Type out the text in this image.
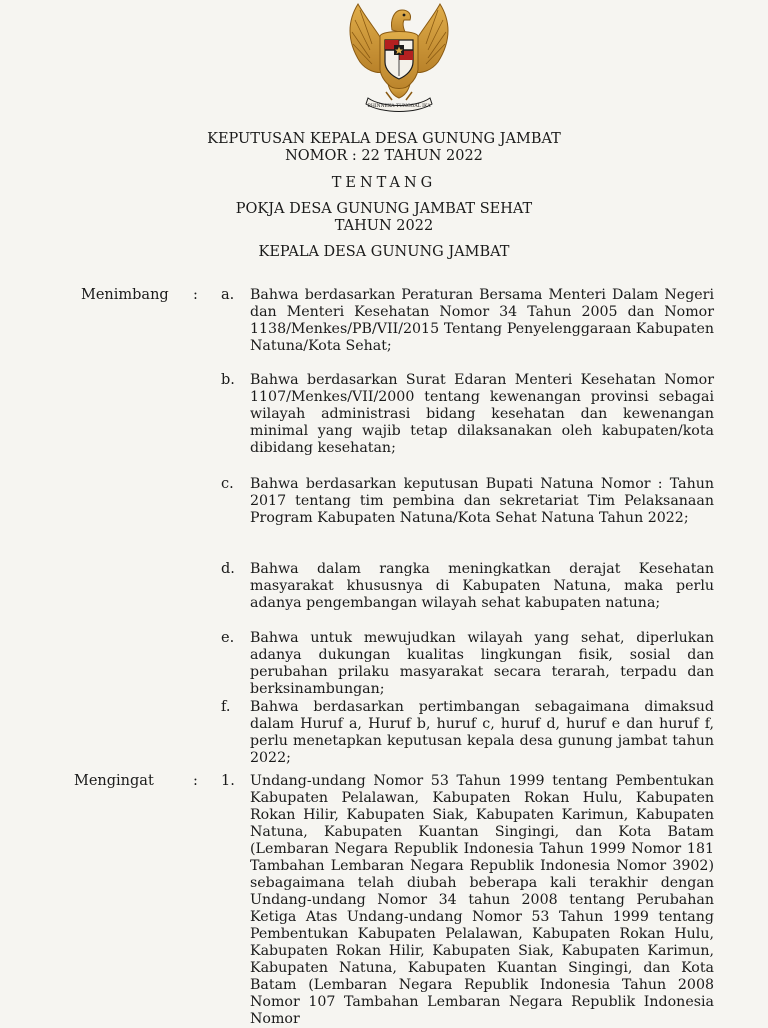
BHINNEKA TUNGGAL IKA
KEPUTUSAN KEPALA DESA GUNUNG JAMBAT
NOMOR : 22 TAHUN 2022
TENTANG
POKJA DESA GUNUNG JAMBAT SEHAT
TAHUN 2022
KEPALA DESA GUNUNG JAMBAT
Menimbang : a. Bahwa berdasarkan Peraturan Bersama Menteri Dalam Negeri dan Menteri Kesehatan Nomor 34 Tahun 2005 dan Nomor 1138/Menkes/PB/VII/2015 Tentang Penyelenggaraan Kabupaten Natuna/Kota Sehat;

b. Bahwa berdasarkan Surat Edaran Menteri Kesehatan Nomor 1107/Menkes/VII/2000 tentang kewenangan provinsi sebagai wilayah administrasi bidang kesehatan dan kewenangan minimal yang wajib tetap dilaksanakan oleh kabupaten/kota dibidang kesehatan;

c. Bahwa berdasarkan keputusan Bupati Natuna Nomor : Tahun 2017 tentang tim pembina dan sekretariat Tim Pelaksanaan Program Kabupaten Natuna/Kota Sehat Natuna Tahun 2022;

d. Bahwa dalam rangka meningkatkan derajat Kesehatan masyarakat khususnya di Kabupaten Natuna, maka perlu adanya pengembangan wilayah sehat kabupaten natuna;

e. Bahwa untuk mewujudkan wilayah yang sehat, diperlukan adanya dukungan kualitas lingkungan fisik, sosial dan perubahan prilaku masyarakat secara terarah, terpadu dan berksinambungan;

f. Bahwa berdasarkan pertimbangan sebagaimana dimaksud dalam Huruf a, Huruf b, huruf c, huruf d, huruf e dan huruf f, perlu menetapkan keputusan kepala desa gunung jambat tahun 2022;

Mengingat	: 1. Undang-undang Nomor 53 Tahun 1999 tentang Pembentukan Kabupaten Pelalawan, Kabupaten Rokan Hulu, Kabupaten Rokan Hilir, Kabupaten Siak, Kabupaten Karimun, Kabupaten Natuna, Kabupaten Kuantan Singingi, dan Kota Batam (Lembaran Negara Republik Indonesia Tahun 1999 Nomor 181 Tambahan Lembaran Negara Republik Indonesia Nomor 3902) sebagaimana telah diubah beberapa kali terakhir dengan Undang-undang Nomor 34 tahun 2008 tentang Perubahan Ketiga Atas Undang-undang Nomor 53 Tahun 1999 tentang Pembentukan Kabupaten Pelalawan, Kabupaten Rokan Hulu, Kabupaten Rokan Hilir, Kabupaten Siak, Kabupaten Karimun, Kabupaten Natuna, Kabupaten Kuantan Singingi, dan Kota Batam (Lembaran Negara Republik Indonesia Tahun 2008 Nomor 107 Tambahan Lembaran Negara Republik Indonesia Nomor
